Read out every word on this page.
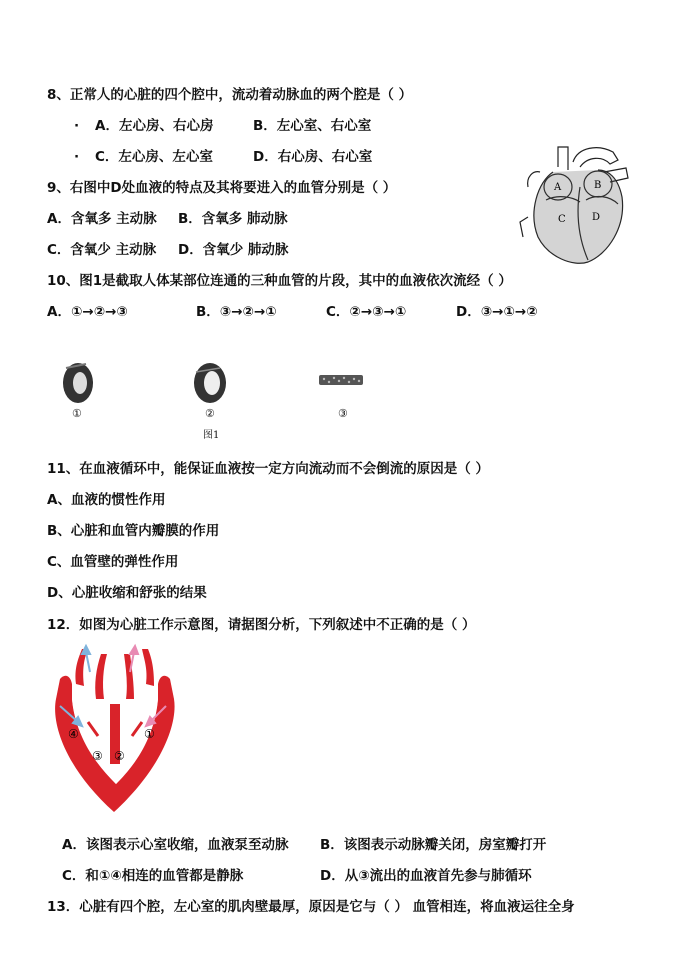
8、正常人的心脏的四个腔中，流动着动脉血的两个腔是（ ）
· A．左心房、右心房	B．左心室、右心室
· C．左心房、左心室	D．右心房、右心室
9、右图中D处血液的特点及其将要进入的血管分别是（ ）
A．含氧多 主动脉 B．含氧多 肺动脉
C．含氧少 主动脉 D．含氧少 肺动脉
A	B
C	D
10、图1是截取人体某部位连通的三种血管的片段，其中的血液依次流经（ ）
A．①→②→③	B．③→②→①	C．②→③→①	D．③→①→②
①	②
图1
③
11、在血液循环中，能保证血液按一定方向流动而不会倒流的原因是（ ）
A、血液的惯性作用
B、心脏和血管内瓣膜的作用
C、血管壁的弹性作用
D、心脏收缩和舒张的结果
12．如图为心脏工作示意图，请据图分析，下列叙述中不正确的是（ ）
④
③ ②
①
A．该图表示心室收缩，血液泵至动脉 B．该图表示动脉瓣关闭，房室瓣打开
C．和①④相连的血管都是静脉	D．从③流出的血液首先参与肺循环
13．心脏有四个腔，左心室的肌肉壁最厚，原因是它与（ ） 血管相连，将血液运往全身
